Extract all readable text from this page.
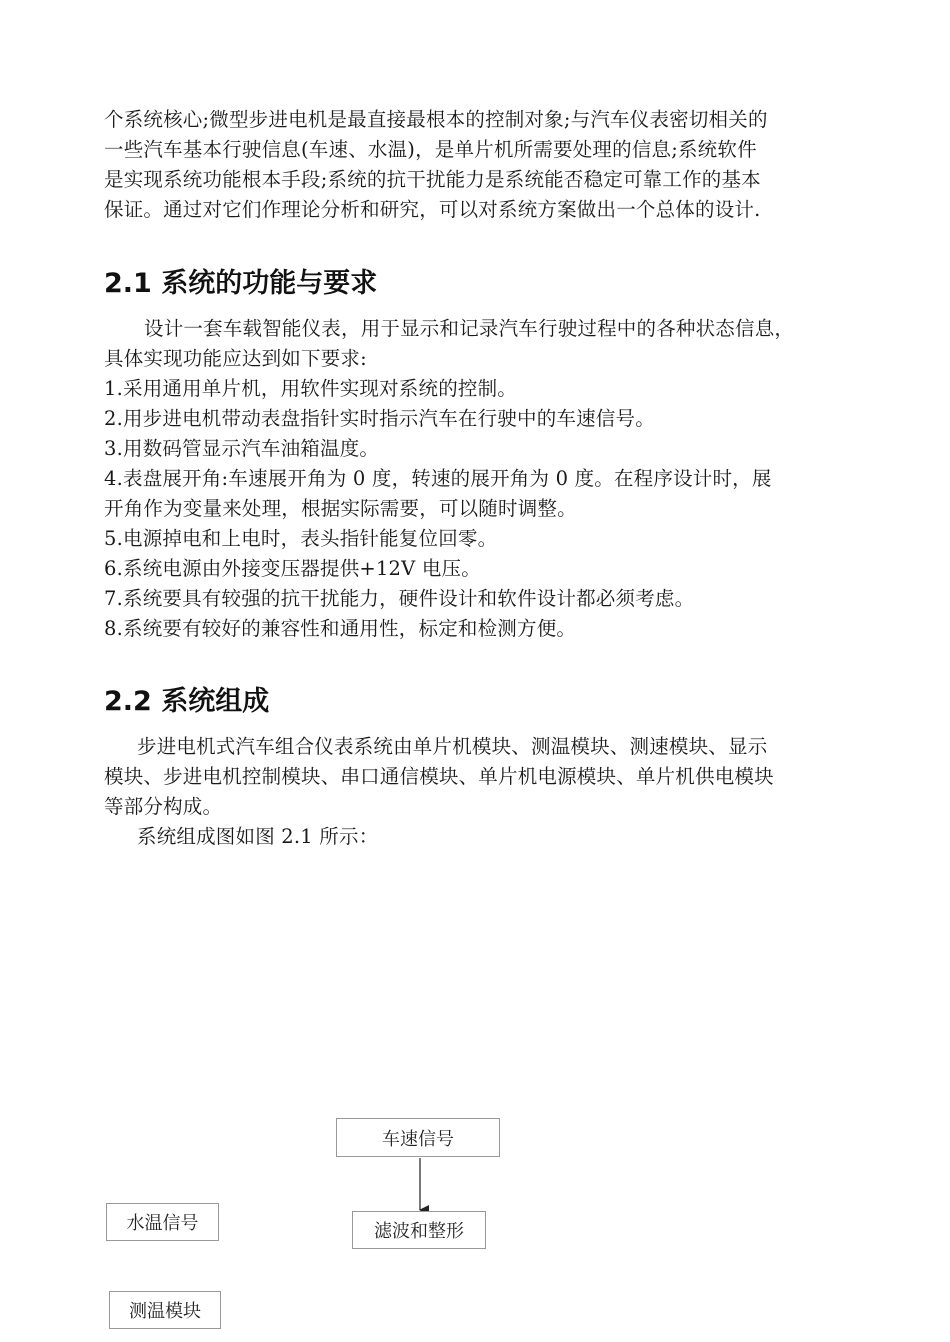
个系统核心;微型步进电机是最直接最根本的控制对象;与汽车仪表密切相关的
一些汽车基本行驶信息(车速、水温)，是单片机所需要处理的信息;系统软件
是实现系统功能根本手段;系统的抗干扰能力是系统能否稳定可靠工作的基本
保证。通过对它们作理论分析和研究，可以对系统方案做出一个总体的设计.
2.1 系统的功能与要求
设计一套车载智能仪表，用于显示和记录汽车行驶过程中的各种状态信息，
具体实现功能应达到如下要求:
1.采用通用单片机，用软件实现对系统的控制。
2.用步进电机带动表盘指针实时指示汽车在行驶中的车速信号。
3.用数码管显示汽车油箱温度。
4.表盘展开角:车速展开角为 0 度，转速的展开角为 0 度。在程序设计时，展
开角作为变量来处理，根据实际需要，可以随时调整。
5.电源掉电和上电时，表头指针能复位回零。
6.系统电源由外接变压器提供+12V 电压。
7.系统要具有较强的抗干扰能力，硬件设计和软件设计都必须考虑。
8.系统要有较好的兼容性和通用性，标定和检测方便。
2.2 系统组成
步进电机式汽车组合仪表系统由单片机模块、测温模块、测速模块、显示
模块、步进电机控制模块、串口通信模块、单片机电源模块、单片机供电模块
等部分构成。
系统组成图如图 2.1 所示：
车速信号
滤波和整形
水温信号
测温模块
